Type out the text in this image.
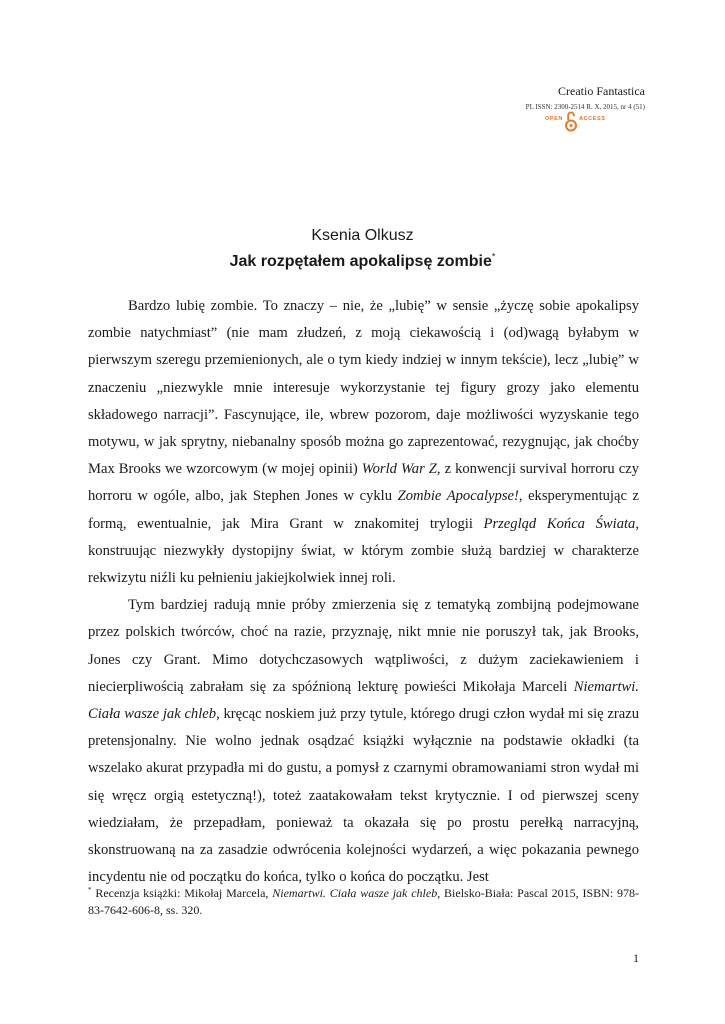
Creatio Fantastica
PL ISSN: 2300-2514 R. X, 2015, nr 4 (51)
OPEN	ACCESS
Ksenia Olkusz
Jak rozpętałem apokalipsę zombie*

Bardzo lubię zombie. To znaczy – nie, że „lubię” w sensie „życzę sobie apokalipsy zombie natychmiast” (nie mam złudzeń, z moją ciekawością i (od)wagą byłabym w pierwszym szeregu przemienionych, ale o tym kiedy indziej w innym tekście), lecz „lubię” w znaczeniu „niezwykle mnie interesuje wykorzystanie tej figury grozy jako elementu składowego narracji”. Fascynujące, ile, wbrew pozorom, daje możliwości wyzyskanie tego motywu, w jak sprytny, niebanalny sposób można go zaprezentować, rezygnując, jak choćby Max Brooks we wzorcowym (w mojej opinii) World War Z, z konwencji survival horroru czy horroru w ogóle, albo, jak Stephen Jones w cyklu Zombie Apocalypse!, eksperymentując z formą, ewentualnie, jak Mira Grant w znakomitej trylogii Przegląd Końca Świata, konstruując niezwykły dystopijny świat, w którym zombie służą bardziej w charakterze rekwizytu niźli ku pełnieniu jakiejkolwiek innej roli.

Tym bardziej radują mnie próby zmierzenia się z tematyką zombijną podejmowane przez polskich twórców, choć na razie, przyznaję, nikt mnie nie poruszył tak, jak Brooks, Jones czy Grant. Mimo dotychczasowych wątpliwości, z dużym zaciekawieniem i niecierpliwością zabrałam się za spóźnioną lekturę powieści Mikołaja Marceli Niemartwi. Ciała wasze jak chleb, kręcąc noskiem już przy tytule, którego drugi człon wydał mi się zrazu pretensjonalny. Nie wolno jednak osądzać książki wyłącznie na podstawie okładki (ta wszelako akurat przypadła mi do gustu, a pomysł z czarnymi obramowaniami stron wydał mi się wręcz orgią estetyczną!), toteż zaatakowałam tekst krytycznie. I od pierwszej sceny wiedziałam, że przepadłam, ponieważ ta okazała się po prostu perełką narracyjną, skonstruowaną na za zasadzie odwrócenia kolejności wydarzeń, a więc pokazania pewnego incydentu nie od początku do końca, tylko o końca do początku. Jest

* Recenzja książki: Mikołaj Marcela, Niemartwi. Ciała wasze jak chleb, Bielsko-Biała: Pascal 2015, ISBN: 978-83-7642-606-8, ss. 320.
1
